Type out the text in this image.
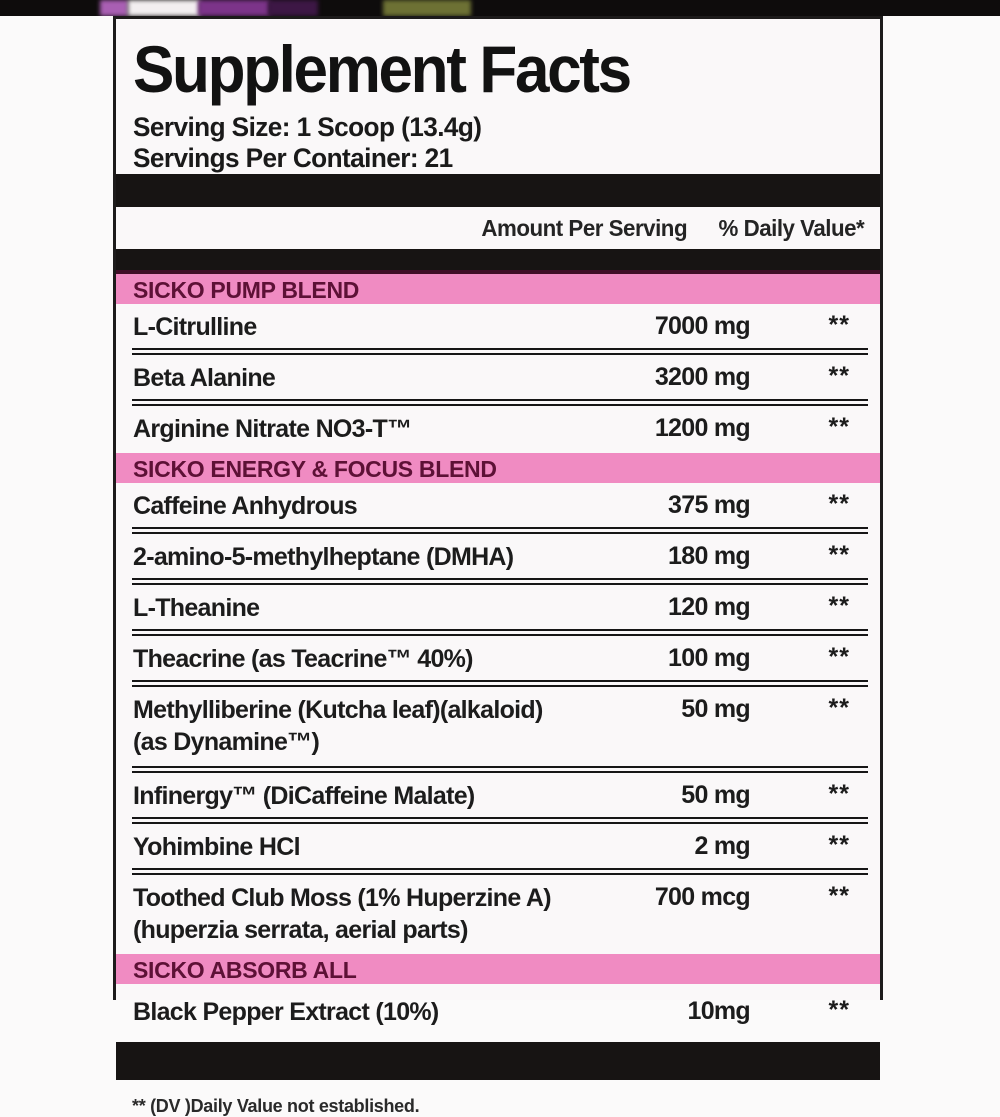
Supplement Facts
Serving Size: 1 Scoop (13.4g)
Servings Per Container: 21
Amount Per Serving % Daily Value*
SICKO PUMP BLEND
L-Citrulline	7000 mg	**
Beta Alanine	3200 mg	**
Arginine Nitrate NO3-T™	1200 mg	**
SICKO ENERGY & FOCUS BLEND
Caffeine Anhydrous	375 mg	**
2-amino-5-methylheptane (DMHA)	180 mg	**
L-Theanine	120 mg	**
Theacrine (as Teacrine™ 40%)	100 mg	**
Methylliberine (Kutcha leaf)(alkaloid)
(as Dynamine™)
50 mg	**
Infinergy™ (DiCaffeine Malate)	50 mg	**
Yohimbine HCl	2 mg	**
Toothed Club Moss (1% Huperzine A)
(huperzia serrata, aerial parts)
700 mcg	**
SICKO ABSORB ALL
Black Pepper Extract (10%)	10mg	**
** (DV )Daily Value not established.
